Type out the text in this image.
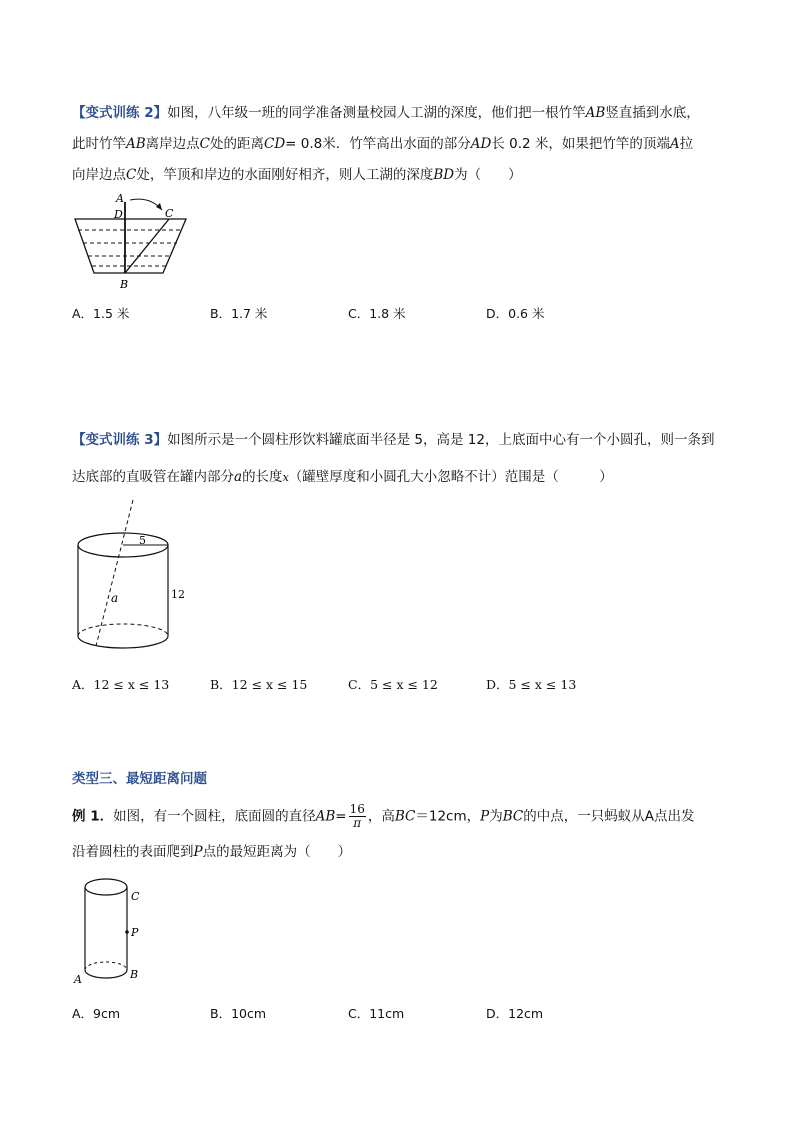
【变式训练 2】如图，八年级一班的同学准备测量校园人工湖的深度，他们把一根竹竿AB竖直插到水底，
此时竹竿AB离岸边点C处的距离CD= 0.8米．竹竿高出水面的部分AD长 0.2 米，如果把竹竿的顶端A拉
向岸边点C处，竿顶和岸边的水面刚好相齐，则人工湖的深度BD为（　　）
A
D	C
B
A．1.5 米	B．1.7 米	C．1.8 米	D．0.6 米
【变式训练 3】如图所示是一个圆柱形饮料罐底面半径是 5，高是 12，上底面中心有一个小圆孔，则一条到
达底部的直吸管在罐内部分a的长度x（罐壁厚度和小圆孔大小忽略不计）范围是（　　　）
5
12
a
A．12 ≤ x ≤ 13	B．12 ≤ x ≤ 15	C．5 ≤ x ≤ 12	D．5 ≤ x ≤ 13
类型三、最短距离问题
例 1．如图，有一个圆柱，底面圆的直径$AB= \frac{16}{\pi}$ ，高BC＝12cm，P为BC的中点，一只蚂蚁从A点出发
沿着圆柱的表面爬到P点的最短距离为（　　）
C
P
A	B
A．9cm	B．10cm	C．11cm	D．12cm
